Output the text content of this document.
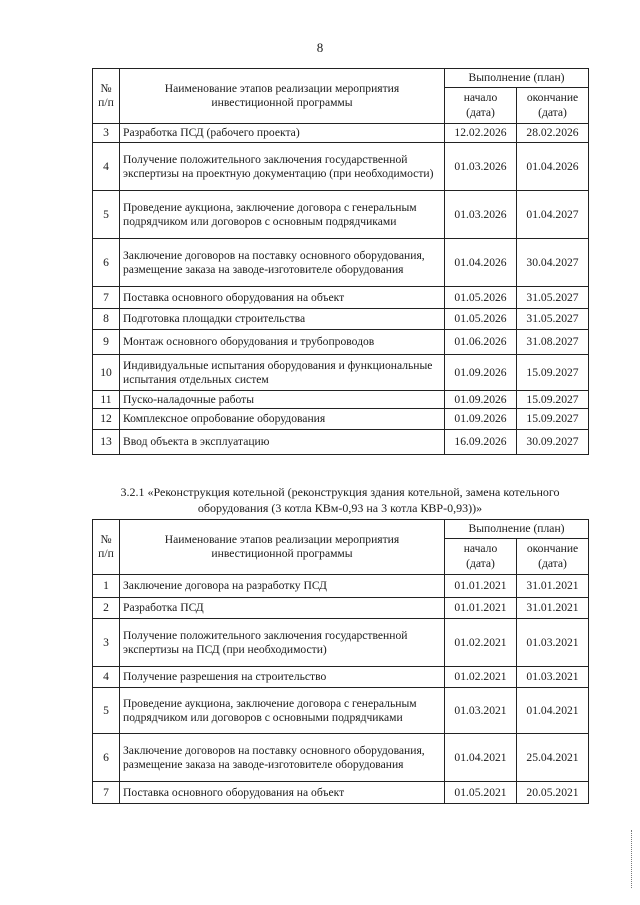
8
№ п/п	Наименование этапов реализации мероприятия инвестиционной программы	Выполнение (план)	
		начало (дата)	окончание (дата)
3	Разработка ПСД (рабочего проекта)	12.02.2026	28.02.2026
4	Получение положительного заключения государственной экспертизы на проектную документацию (при необходимости)	01.03.2026	01.04.2026
5	Проведение аукциона, заключение договора с генеральным подрядчиком или договоров с основным подрядчиками	01.03.2026	01.04.2027
6	Заключение договоров на поставку основного оборудования, размещение заказа на заводе-изготовителе оборудования	01.04.2026	30.04.2027
7	Поставка основного оборудования на объект	01.05.2026	31.05.2027
8	Подготовка площадки строительства	01.05.2026	31.05.2027
9	Монтаж основного оборудования и трубопроводов	01.06.2026	31.08.2027
10	Индивидуальные испытания оборудования и функциональные испытания отдельных систем	01.09.2026	15.09.2027
11	Пуско-наладочные работы	01.09.2026	15.09.2027
12	Комплексное опробование оборудования	01.09.2026	15.09.2027
13	Ввод объекта в эксплуатацию	16.09.2026	30.09.2027
3.2.1 «Реконструкция котельной (реконструкция здания котельной, замена котельного оборудования (3 котла КВм-0,93 на 3 котла КВР-0,93))»
№ п/п	Наименование этапов реализации мероприятия инвестиционной программы	Выполнение (план)	
		начало (дата)	окончание (дата)
1	Заключение договора на разработку ПСД	01.01.2021	31.01.2021
2	Разработка ПСД	01.01.2021	31.01.2021
3	Получение положительного заключения государственной экспертизы на ПСД (при необходимости)	01.02.2021	01.03.2021
4	Получение разрешения на строительство	01.02.2021	01.03.2021
5	Проведение аукциона, заключение договора с генеральным подрядчиком или договоров с основными подрядчиками	01.03.2021	01.04.2021
6	Заключение договоров на поставку основного оборудования, размещение заказа на заводе-изготовителе оборудования	01.04.2021	25.04.2021
7	Поставка основного оборудования на объект	01.05.2021	20.05.2021
